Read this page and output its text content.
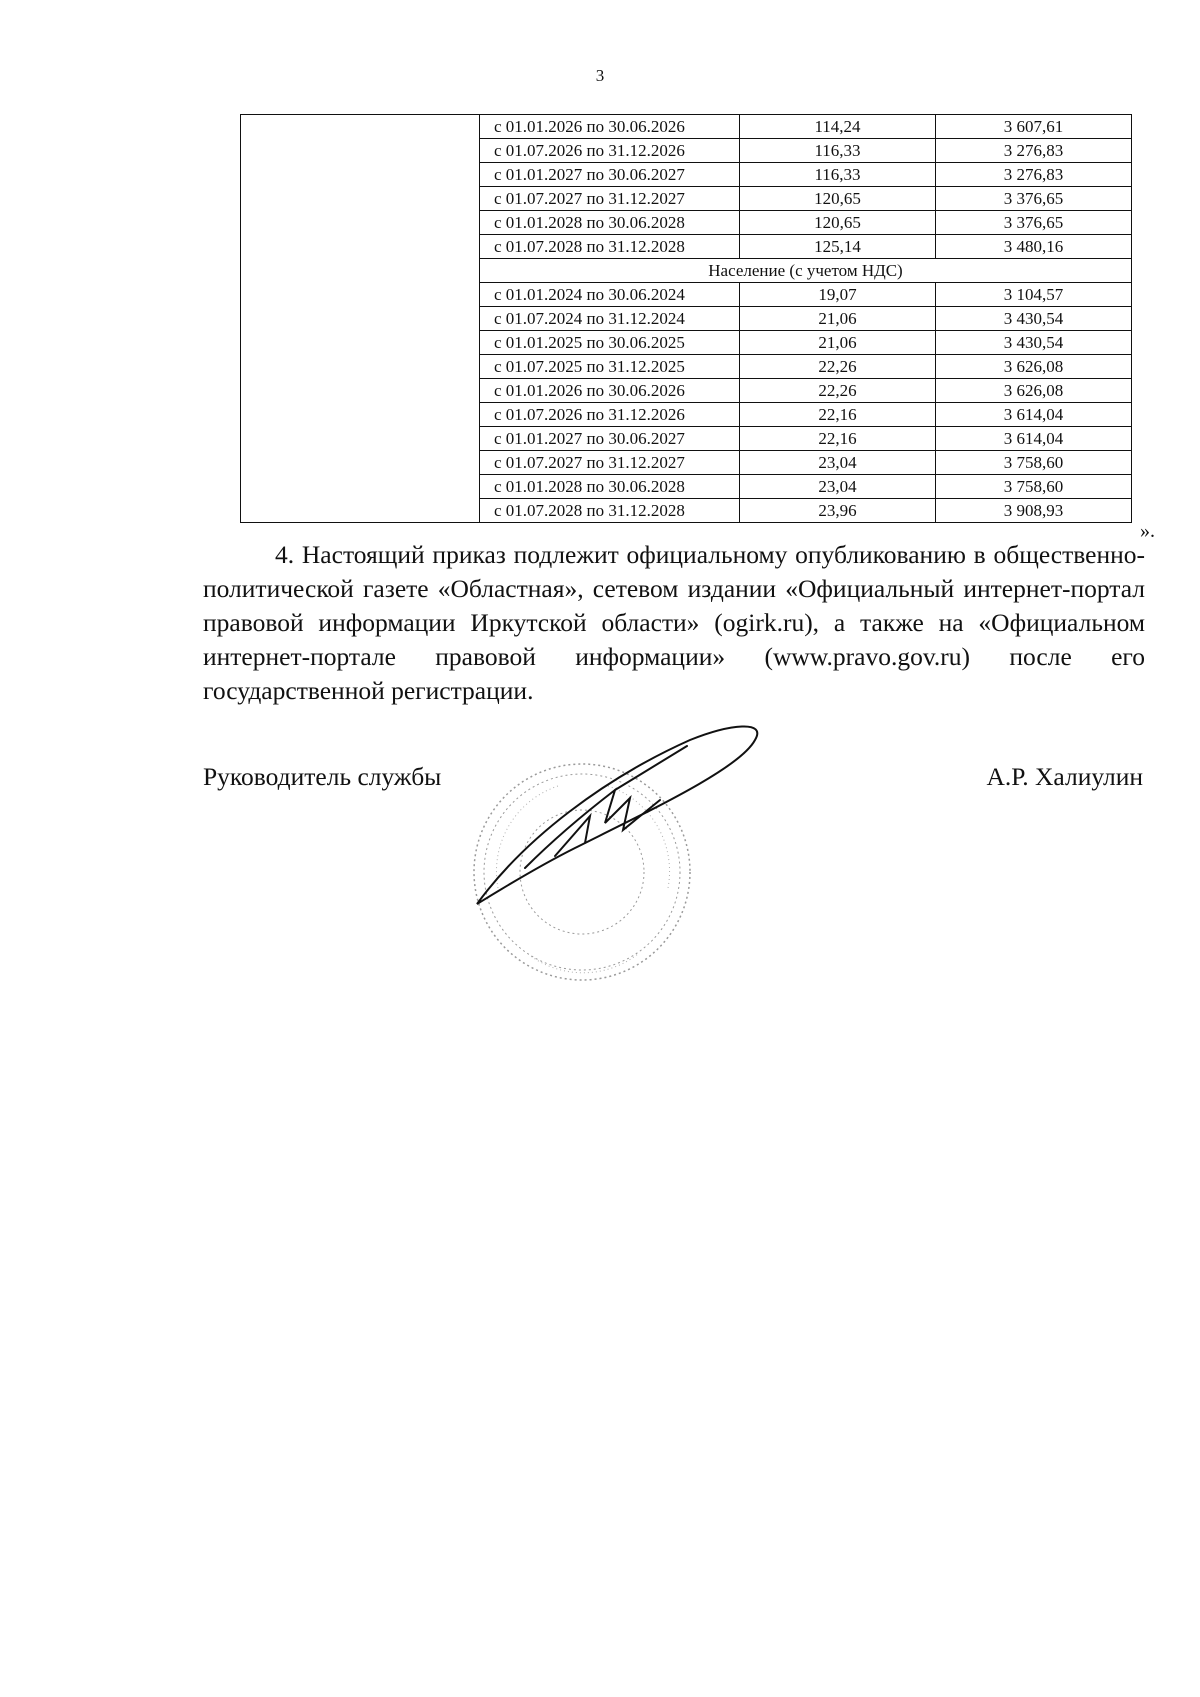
3
	с 01.01.2026 по 30.06.2026	114,24	3 607,61
	с 01.07.2026 по 31.12.2026	116,33	3 276,83
	с 01.01.2027 по 30.06.2027	116,33	3 276,83
	с 01.07.2027 по 31.12.2027	120,65	3 376,65
	с 01.01.2028 по 30.06.2028	120,65	3 376,65
	с 01.07.2028 по 31.12.2028	125,14	3 480,16
	Население (с учетом НДС)		
	с 01.01.2024 по 30.06.2024	19,07	3 104,57
	с 01.07.2024 по 31.12.2024	21,06	3 430,54
	с 01.01.2025 по 30.06.2025	21,06	3 430,54
	с 01.07.2025 по 31.12.2025	22,26	3 626,08
	с 01.01.2026 по 30.06.2026	22,26	3 626,08
	с 01.07.2026 по 31.12.2026	22,16	3 614,04
	с 01.01.2027 по 30.06.2027	22,16	3 614,04
	с 01.07.2027 по 31.12.2027	23,04	3 758,60
	с 01.01.2028 по 30.06.2028	23,04	3 758,60
	с 01.07.2028 по 31.12.2028	23,96	3 908,93
».
4. Настоящий приказ подлежит официальному опубликованию в общественно-политической газете «Областная», сетевом издании «Официальный интернет-портал правовой информации Иркутской области» (ogirk.ru), а также на «Официальном интернет-портале правовой информации» (www.pravo.gov.ru) после его государственной регистрации.
Руководитель службы	А.Р. Халиулин
